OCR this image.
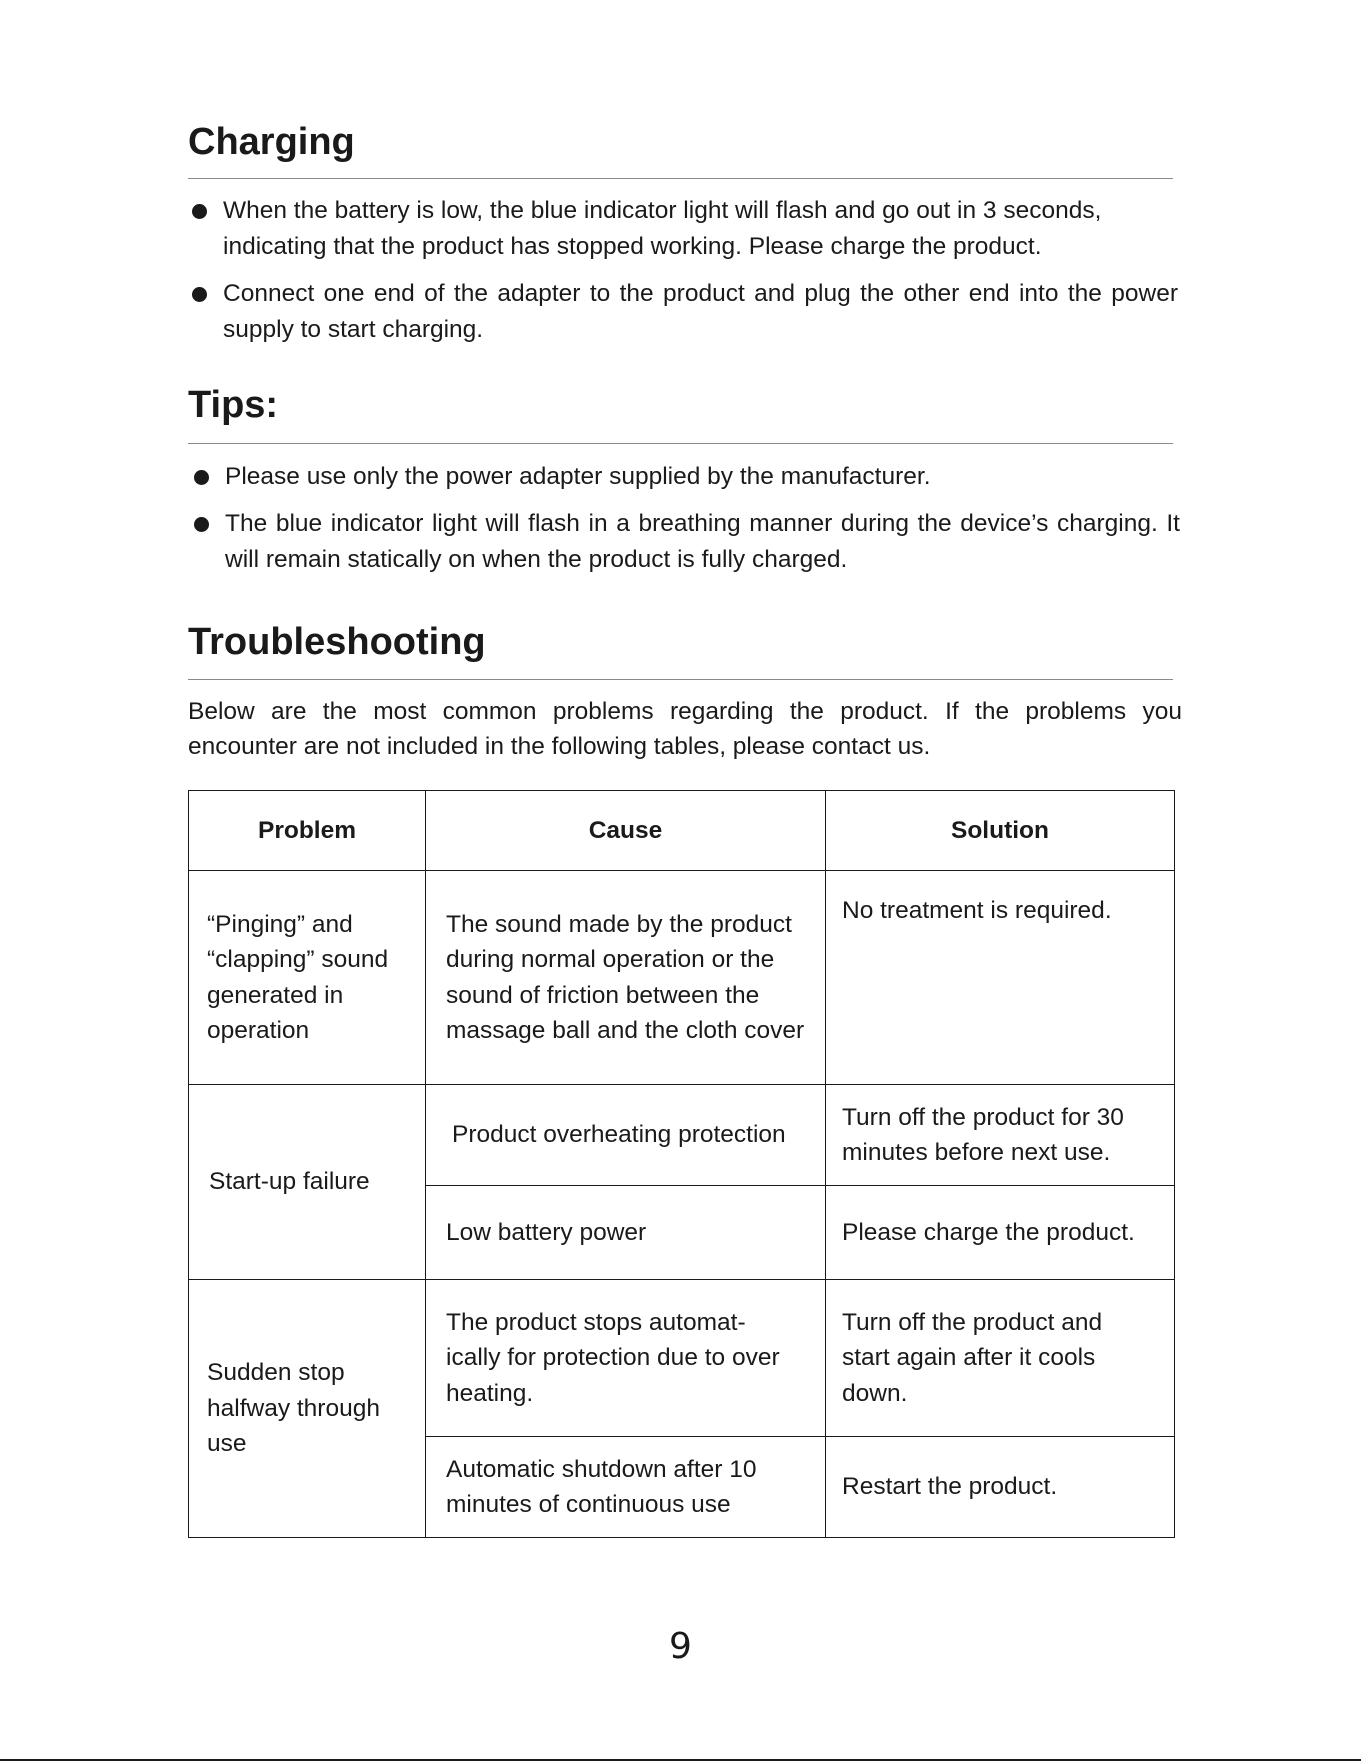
Charging
When the battery is low, the blue indicator light will flash and go out in 3 seconds, indicating that the product has stopped working. Please charge the product.
Connect one end of the adapter to the product and plug the other end into the power supply to start charging.
Tips:
Please use only the power adapter supplied by the manufacturer.
The blue indicator light will flash in a breathing manner during the device’s charging. It will remain statically on when the product is fully charged.
Troubleshooting
Below are the most common problems regarding the product. If the problems you encounter are not included in the following tables, please contact us.
Problem	Cause	Solution
“Pinging” and “clapping” sound generated in operation	The sound made by the product during normal operation or the sound of friction between the massage ball and the cloth cover	No treatment is required.
Start-up failure	Product overheating protection	Turn off the product for 30 minutes before next use.
	Low battery power	Please charge the product.
Sudden stop halfway through use	The product stops automat-ically for protection due to over heating.	Turn off the product and start again after it cools down.
	Automatic shutdown after 10 minutes of continuous use	Restart the product.
9
